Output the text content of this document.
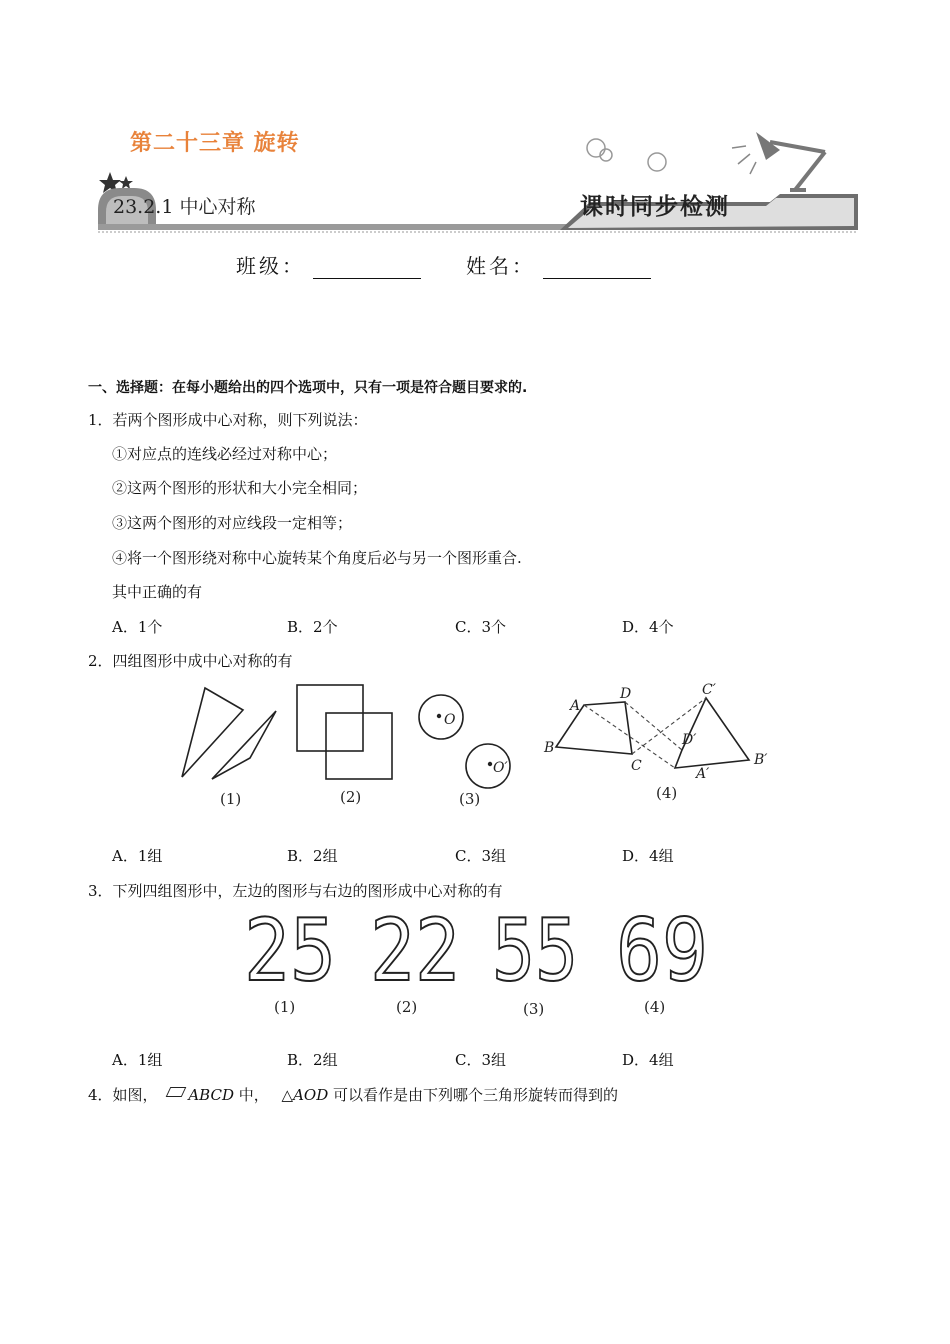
第二十三章 旋转
23.2.1 中心对称	课时同步检测
班级：	姓名：
一、选择题：在每小题给出的四个选项中，只有一项是符合题目要求的.
1．若两个图形成中心对称，则下列说法：
①对应点的连线必经过对称中心；
②这两个图形的形状和大小完全相同；
③这两个图形的对应线段一定相等；
④将一个图形绕对称中心旋转某个角度后必与另一个图形重合.
其中正确的有
A．1个	B．2个	C．3个	D．4个
2．四组图形中成中心对称的有
O
O′
A
D
B
C
C′
D′
A′
B′
(1)	(2)	(3)	(4)
A．1组	B．2组	C．3组	D．4组
3．下列四组图形中，左边的图形与右边的图形成中心对称的有
25 22 55 69
(1)	(2)	(3)	(4)
A．1组	B．2组	C．3组	D．4组
4．如图， ABCD 中， △AOD 可以看作是由下列哪个三角形旋转而得到的
